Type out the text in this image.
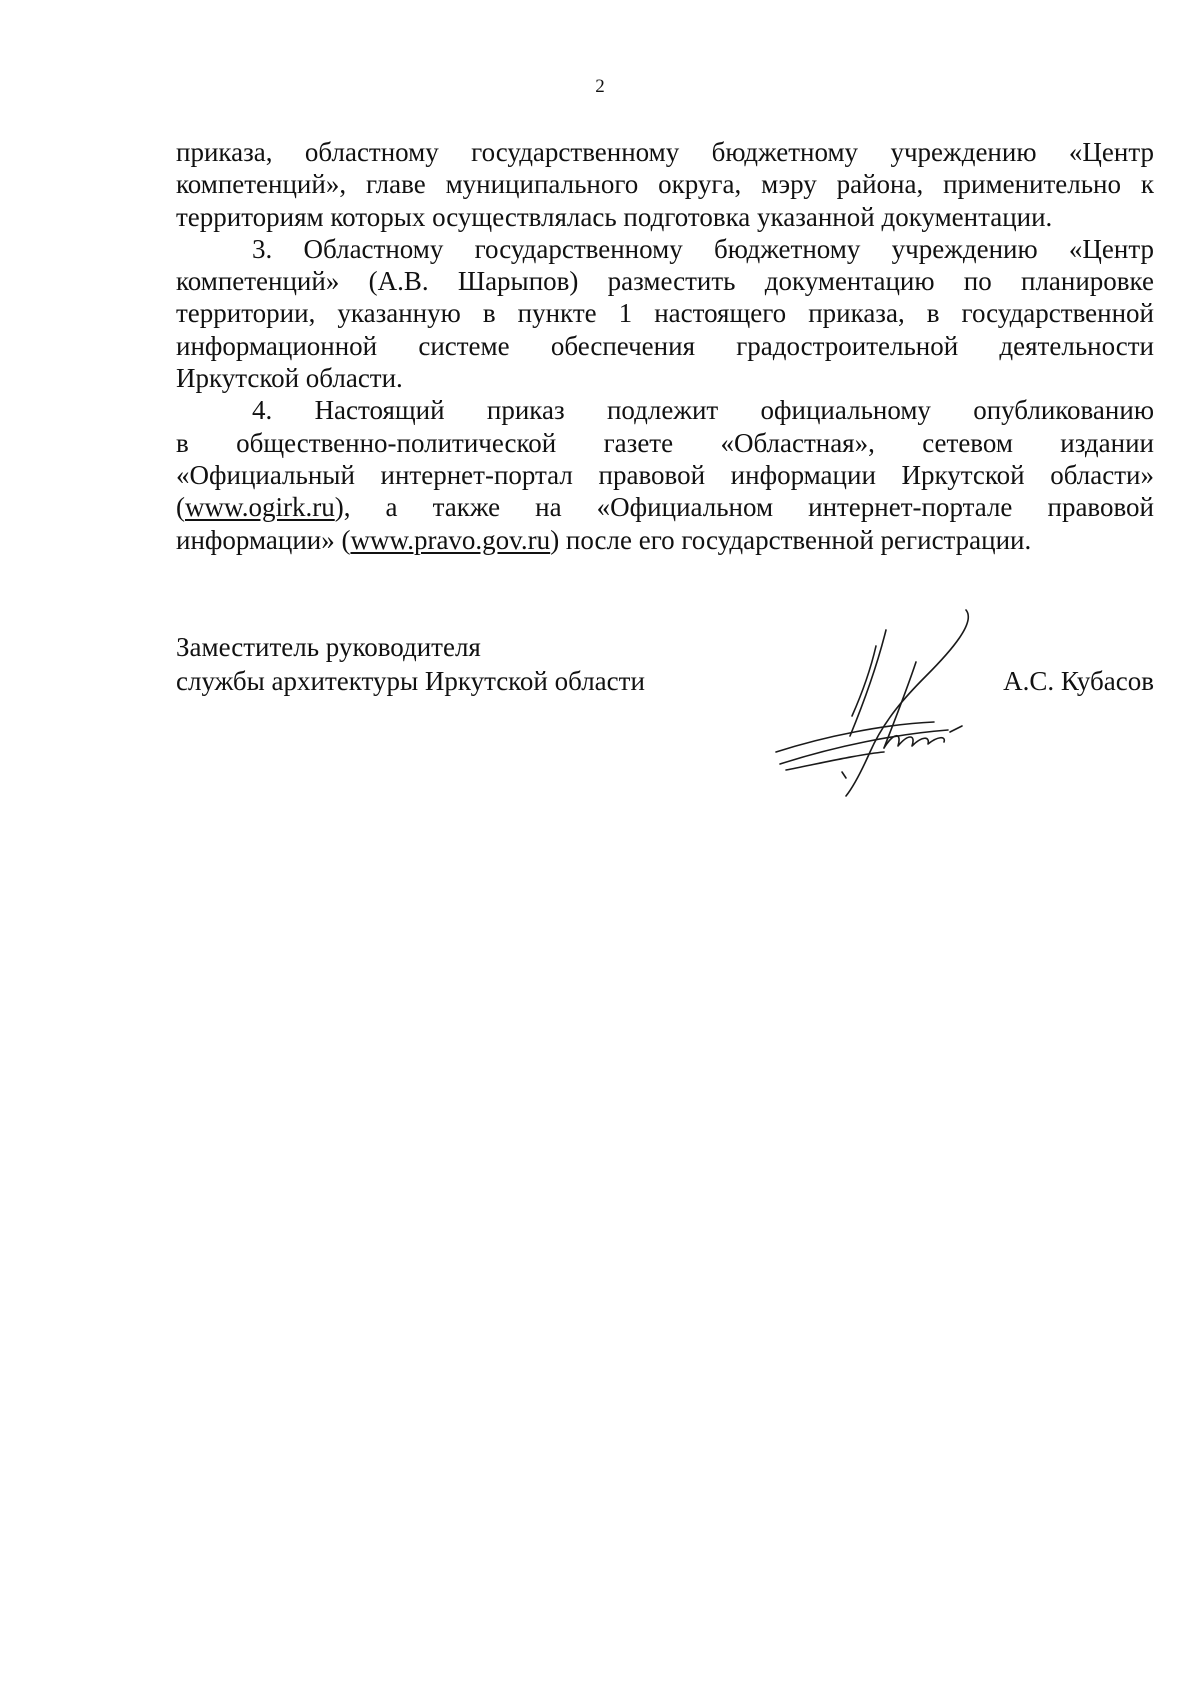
2

приказа, областному государственному бюджетному учреждению «Центр

компетенций», главе муниципального округа, мэру района, применительно к

территориям которых осуществлялась подготовка указанной документации.

3. Областному государственному бюджетному учреждению «Центр

компетенций» (А.В. Шарыпов) разместить документацию по планировке

территории, указанную в пункте 1 настоящего приказа, в государственной

информационной системе обеспечения градостроительной деятельности

Иркутской области.

4. Настоящий приказ подлежит официальному опубликованию

в общественно-политической газете «Областная», сетевом издании

«Официальный интернет-портал правовой информации Иркутской области»

(www.ogirk.ru), а также на «Официальном интернет-портале правовой

информации» (www.pravo.gov.ru) после его государственной регистрации.

Заместитель руководителя
службы архитектуры Иркутской области	А.С. Кубасов
